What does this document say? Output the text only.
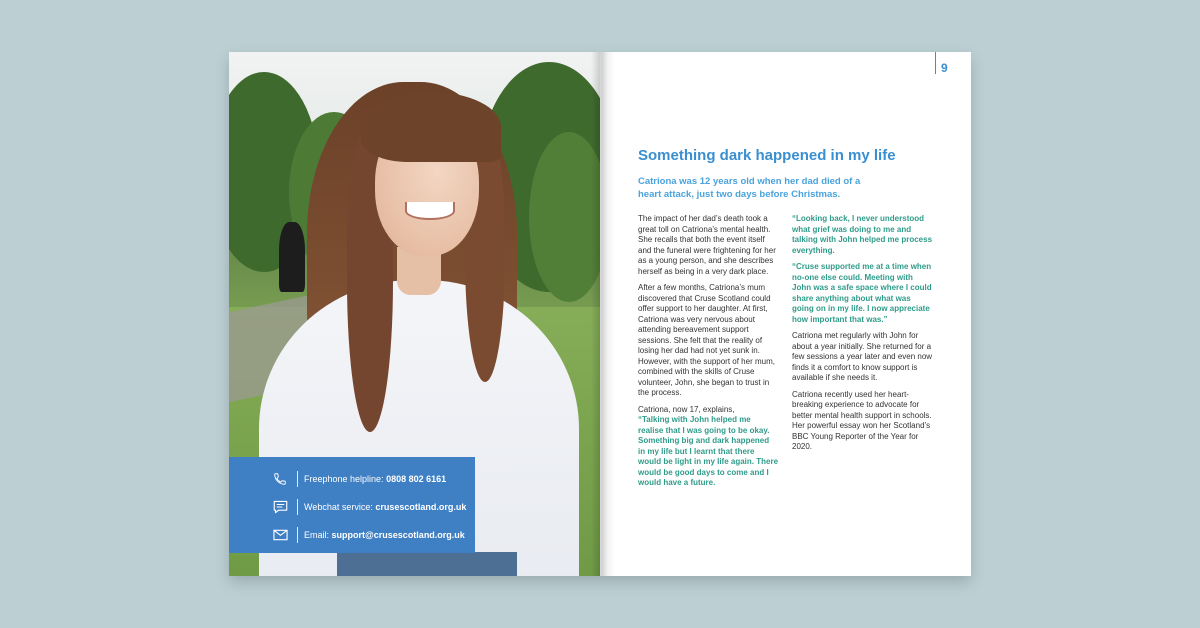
Freephone helpline: 0808 802 6161
Webchat service: crusescotland.org.uk
Email: support@crusescotland.org.uk
9
Something dark happened in my life
Catriona was 12 years old when her dad died of a heart attack, just two days before Christmas.

The impact of her dad’s death took a great toll on Catriona’s mental health. She recalls that both the event itself and the funeral were frightening for her as a young person, and she describes herself as being in a very dark place.

After a few months, Catriona’s mum discovered that Cruse Scotland could offer support to her daughter. At first, Catriona was very nervous about attending bereavement support sessions. She felt that the reality of losing her dad had not yet sunk in. However, with the support of her mum, combined with the skills of Cruse volunteer, John, she began to trust in the process.

Catriona, now 17, explains,
“Talking with John helped me realise that I was going to be okay. Something big and dark happened in my life but I learnt that there would be light in my life again. There would be good days to come and I would have a future.

“Looking back, I never understood what grief was doing to me and talking with John helped me process everything.

“Cruse supported me at a time when no-one else could. Meeting with John was a safe space where I could share anything about what was going on in my life. I now appreciate how important that was.”

Catriona met regularly with John for about a year initially. She returned for a few sessions a year later and even now finds it a comfort to know support is available if she needs it.

Catriona recently used her heart-breaking experience to advocate for better mental health support in schools. Her powerful essay won her Scotland’s BBC Young Reporter of the Year for 2020.
